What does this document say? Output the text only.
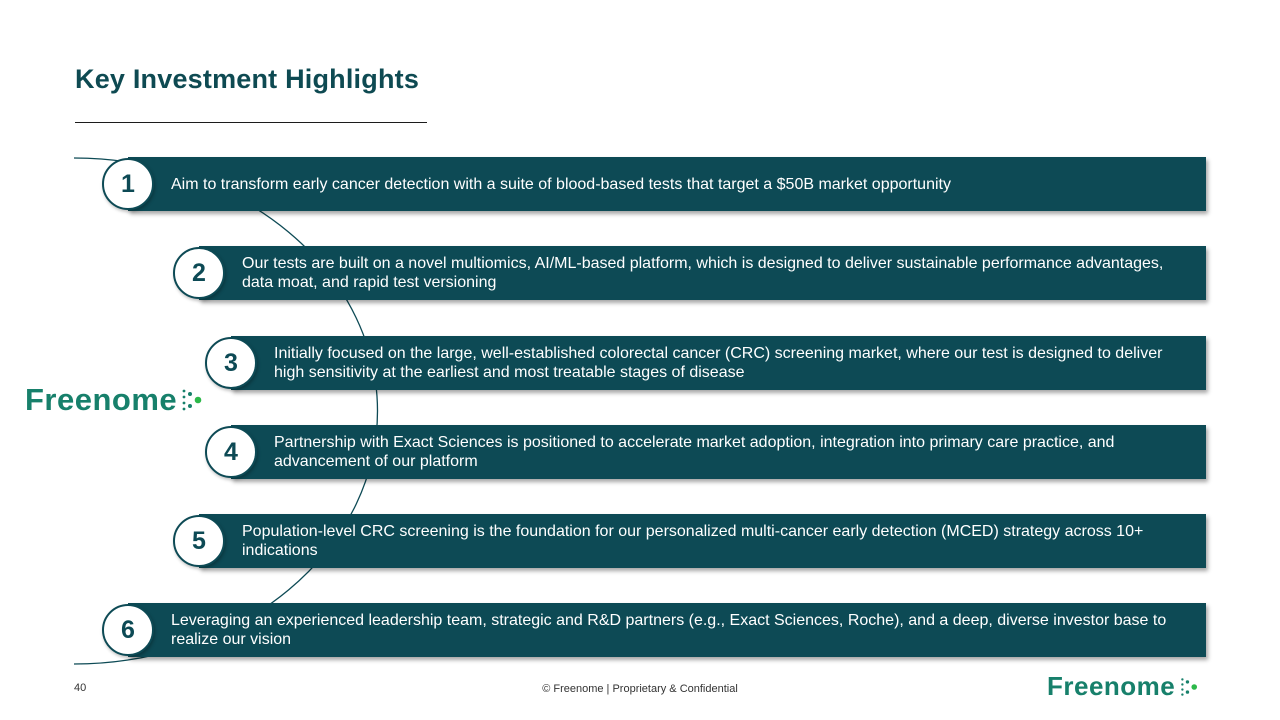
Key Investment Highlights
Aim to transform early cancer detection with a suite of blood-based tests that target a $50B market opportunity
1
Our tests are built on a novel multiomics, AI/ML-based platform, which is designed to deliver sustainable performance advantages, data moat, and rapid test versioning
2
Initially focused on the large, well-established colorectal cancer (CRC) screening market, where our test is designed to deliver high sensitivity at the earliest and most treatable stages of disease
3
Partnership with Exact Sciences is positioned to accelerate market adoption, integration into primary care practice, and advancement of our platform
4
Population-level CRC screening is the foundation for our personalized multi-cancer early detection (MCED) strategy across 10+ indications
5
Leveraging an experienced leadership team, strategic and R&D partners (e.g., Exact Sciences, Roche), and a deep, diverse investor base to realize our vision
6
Freenome
40	© Freenome | Proprietary & Confidential	Freenome
